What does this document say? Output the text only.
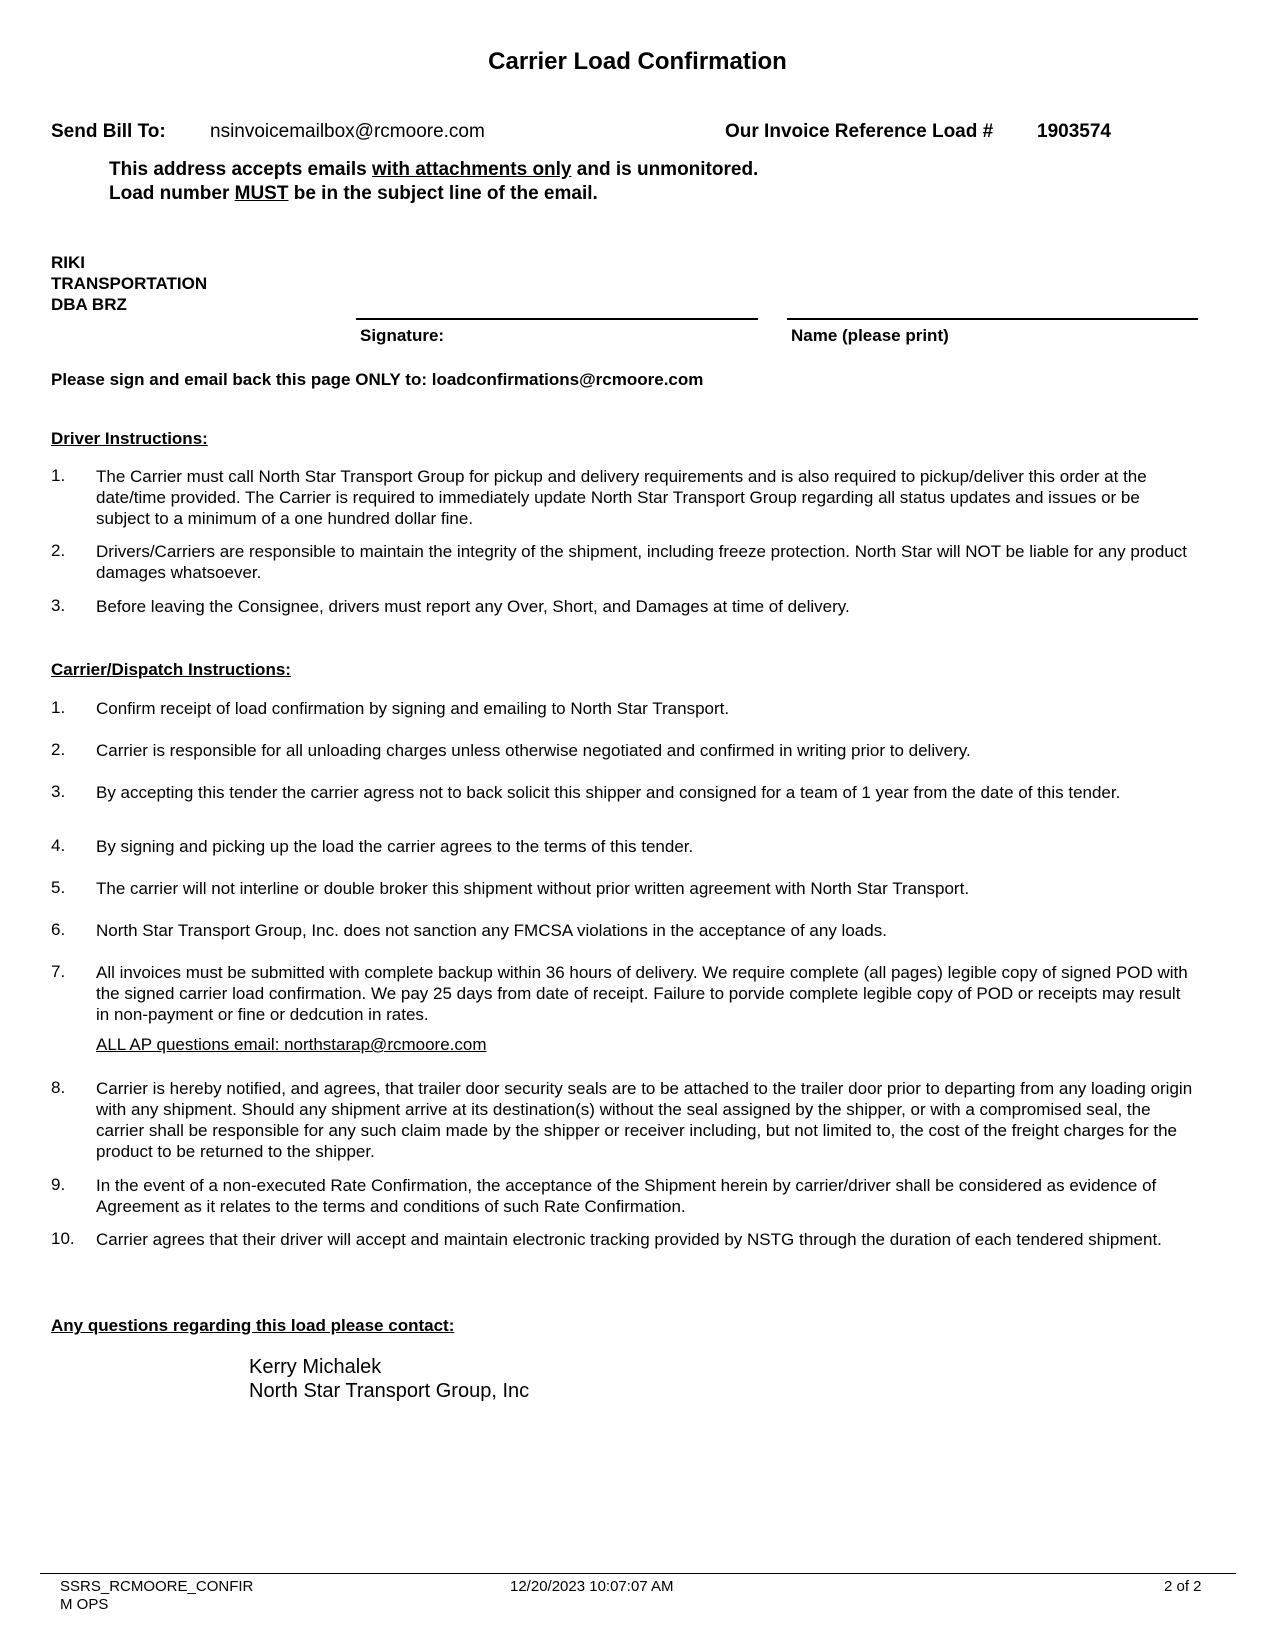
Carrier Load Confirmation
Send Bill To: nsinvoicemailbox@rcmoore.com	Our Invoice Reference Load # 1903574
This address accepts emails with attachments only and is unmonitored.
Load number MUST be in the subject line of the email.
RIKI
TRANSPORTATION
DBA BRZ
Signature:	Name (please print)
Please sign and email back this page ONLY to: loadconfirmations@rcmoore.com
Driver Instructions:
1. The Carrier must call North Star Transport Group for pickup and delivery requirements and is also required to pickup/deliver this order at the date/time provided. The Carrier is required to immediately update North Star Transport Group regarding all status updates and issues or be subject to a minimum of a one hundred dollar fine.
2. Drivers/Carriers are responsible to maintain the integrity of the shipment, including freeze protection. North Star will NOT be liable for any product damages whatsoever.
3. Before leaving the Consignee, drivers must report any Over, Short, and Damages at time of delivery.
Carrier/Dispatch Instructions:
1. Confirm receipt of load confirmation by signing and emailing to North Star Transport.
2. Carrier is responsible for all unloading charges unless otherwise negotiated and confirmed in writing prior to delivery.
3. By accepting this tender the carrier agress not to back solicit this shipper and consigned for a team of 1 year from the date of this tender.
4. By signing and picking up the load the carrier agrees to the terms of this tender.
5. The carrier will not interline or double broker this shipment without prior written agreement with North Star Transport.
6. North Star Transport Group, Inc. does not sanction any FMCSA violations in the acceptance of any loads.
7. All invoices must be submitted with complete backup within 36 hours of delivery. We require complete (all pages) legible copy of signed POD with the signed carrier load confirmation. We pay 25 days from date of receipt. Failure to porvide complete legible copy of POD or receipts may result in non-payment or fine or dedcution in rates.
ALL AP questions email: northstarap@rcmoore.com
8. Carrier is hereby notified, and agrees, that trailer door security seals are to be attached to the trailer door prior to departing from any loading origin with any shipment. Should any shipment arrive at its destination(s) without the seal assigned by the shipper, or with a compromised seal, the carrier shall be responsible for any such claim made by the shipper or receiver including, but not limited to, the cost of the freight charges for the product to be returned to the shipper.
9. In the event of a non-executed Rate Confirmation, the acceptance of the Shipment herein by carrier/driver shall be considered as evidence of Agreement as it relates to the terms and conditions of such Rate Confirmation.
10. Carrier agrees that their driver will accept and maintain electronic tracking provided by NSTG through the duration of each tendered shipment.
Any questions regarding this load please contact:
Kerry Michalek
North Star Transport Group, Inc
SSRS_RCMOORE_CONFIR
M OPS
12/20/2023 10:07:07 AM	2 of 2
